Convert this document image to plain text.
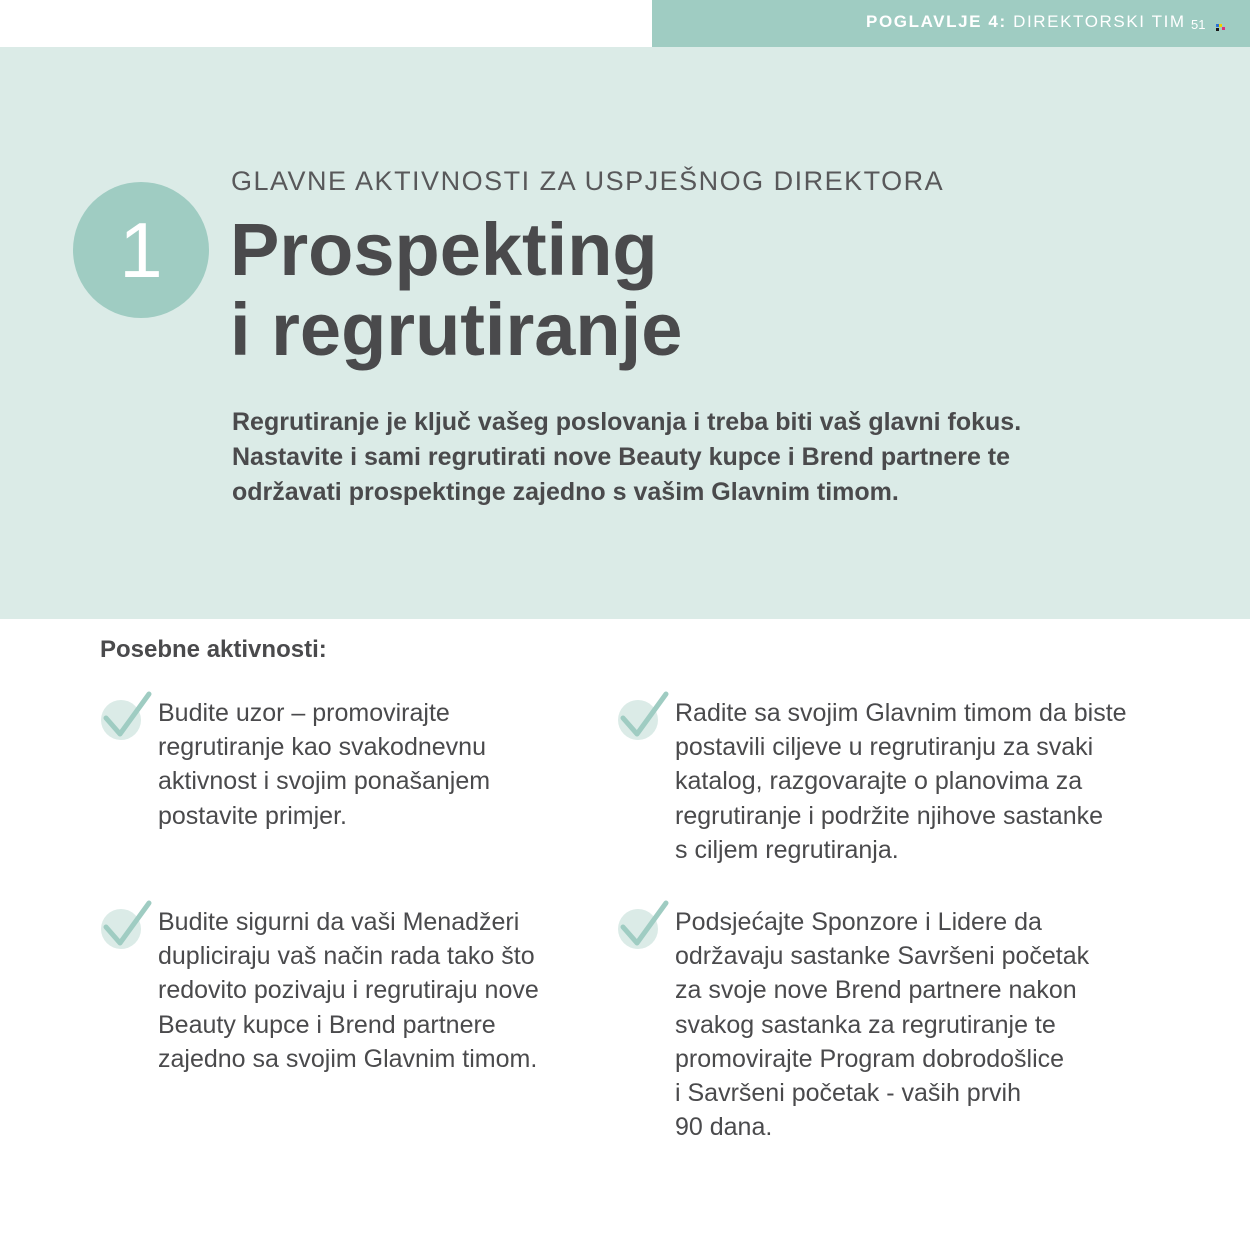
POGLAVLJE 4: DIREKTORSKI TIM 51
1
GLAVNE AKTIVNOSTI ZA USPJEŠNOG DIREKTORA
Prospekting
i regrutiranje

Regrutiranje je ključ vašeg poslovanja i treba biti vaš glavni fokus.
Nastavite i sami regrutirati nove Beauty kupce i Brend partnere te
održavati prospektinge zajedno s vašim Glavnim timom.

Posebne aktivnosti:

Budite uzor – promovirajte
regrutiranje kao svakodnevnu
aktivnost i svojim ponašanjem
postavite primjer.

Radite sa svojim Glavnim timom da biste
postavili ciljeve u regrutiranju za svaki
katalog, razgovarajte o planovima za
regrutiranje i podržite njihove sastanke
s ciljem regrutiranja.

Budite sigurni da vaši Menadžeri
dupliciraju vaš način rada tako što
redovito pozivaju i regrutiraju nove
Beauty kupce i Brend partnere
zajedno sa svojim Glavnim timom.

Podsjećajte Sponzore i Lidere da
održavaju sastanke Savršeni početak
za svoje nove Brend partnere nakon
svakog sastanka za regrutiranje te
promovirajte Program dobrodošlice
i Savršeni početak - vaših prvih
90 dana.
